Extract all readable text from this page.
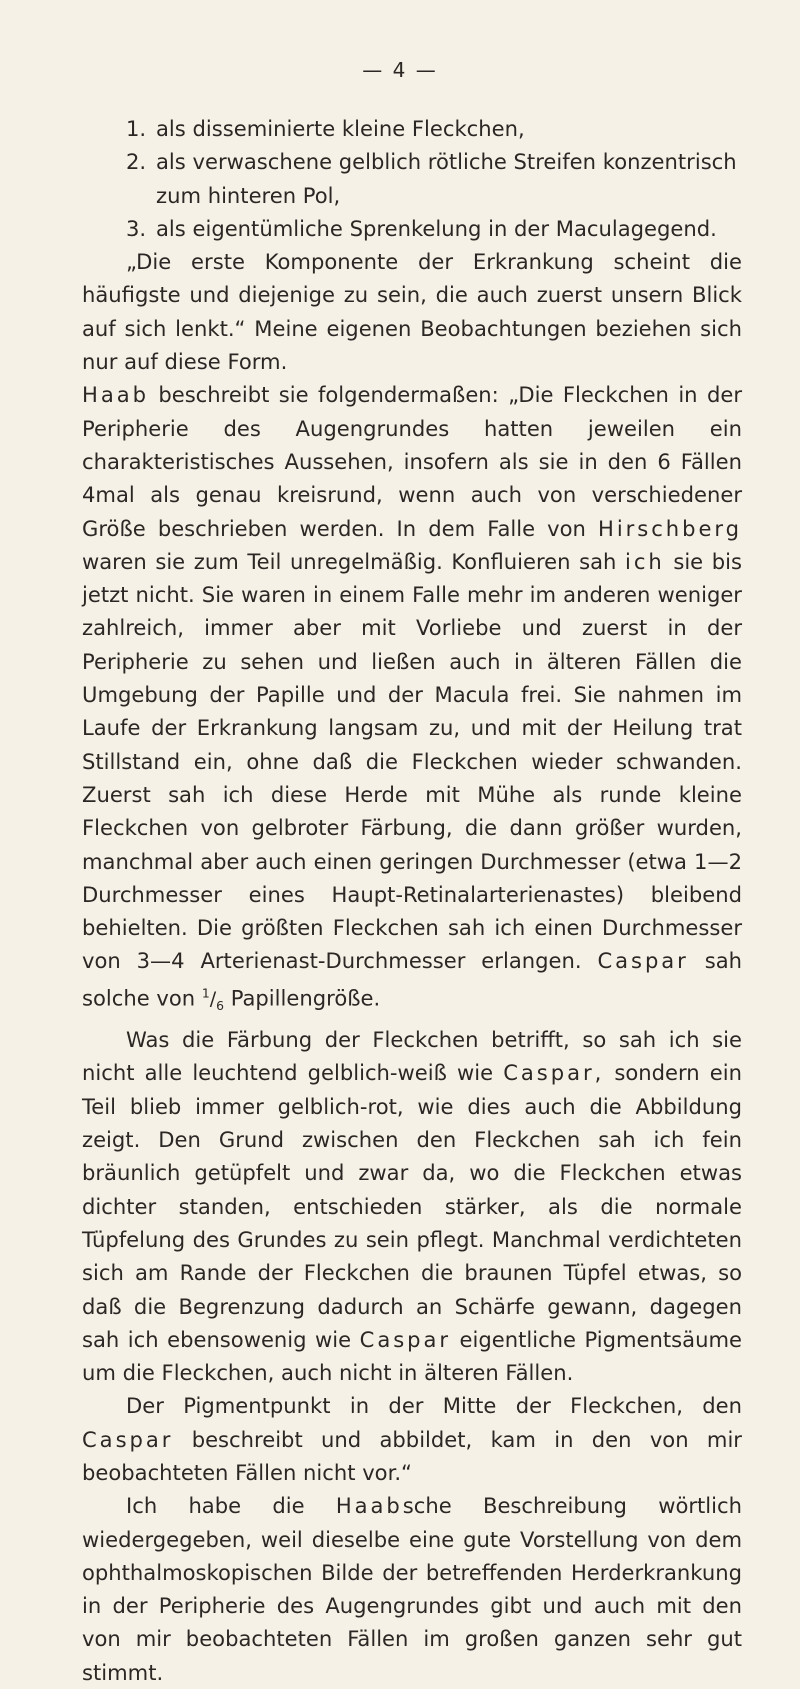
— 4 —
1. als disseminierte kleine Fleckchen,
2. als verwaschene gelblich rötliche Streifen konzentrisch zum hinteren Pol,
3. als eigentümliche Sprenkelung in der Maculagegend.

„Die erste Komponente der Erkrankung scheint die häufigste und diejenige zu sein, die auch zuerst unsern Blick auf sich lenkt.“ Meine eigenen Beobachtungen beziehen sich nur auf diese Form.

Haab beschreibt sie folgendermaßen: „Die Fleckchen in der Peripherie des Augengrundes hatten jeweilen ein charakteristisches Aussehen, insofern als sie in den 6 Fällen 4mal als genau kreisrund, wenn auch von verschiedener Größe beschrieben werden. In dem Falle von Hirschberg waren sie zum Teil unregelmäßig. Konfluieren sah ich sie bis jetzt nicht. Sie waren in einem Falle mehr im anderen weniger zahlreich, immer aber mit Vorliebe und zuerst in der Peripherie zu sehen und ließen auch in älteren Fällen die Umgebung der Papille und der Macula frei. Sie nahmen im Laufe der Erkrankung langsam zu, und mit der Heilung trat Stillstand ein, ohne daß die Fleckchen wieder schwanden. Zuerst sah ich diese Herde mit Mühe als runde kleine Fleckchen von gelbroter Färbung, die dann größer wurden, manchmal aber auch einen geringen Durchmesser (etwa 1—2 Durchmesser eines Haupt-Retinalarterienastes) bleibend behielten. Die größten Fleckchen sah ich einen Durchmesser von 3—4 Arterienast-Durchmesser erlangen. Caspar sah solche von $^1/_6$ Papillengröße.

Was die Färbung der Fleckchen betrifft, so sah ich sie nicht alle leuchtend gelblich-weiß wie Caspar, sondern ein Teil blieb immer gelblich-rot, wie dies auch die Abbildung zeigt. Den Grund zwischen den Fleckchen sah ich fein bräunlich getüpfelt und zwar da, wo die Fleckchen etwas dichter standen, entschieden stärker, als die normale Tüpfelung des Grundes zu sein pflegt. Manchmal verdichteten sich am Rande der Fleckchen die braunen Tüpfel etwas, so daß die Begrenzung dadurch an Schärfe gewann, dagegen sah ich ebensowenig wie Caspar eigentliche Pigmentsäume um die Fleckchen, auch nicht in älteren Fällen.

Der Pigmentpunkt in der Mitte der Fleckchen, den Caspar beschreibt und abbildet, kam in den von mir beobachteten Fällen nicht vor.“

Ich habe die Haabsche Beschreibung wörtlich wiedergegeben, weil dieselbe eine gute Vorstellung von dem ophthalmoskopischen Bilde der betreffenden Herderkrankung in der Peripherie des Augengrundes gibt und auch mit den von mir beobachteten Fällen im großen ganzen sehr gut stimmt.
